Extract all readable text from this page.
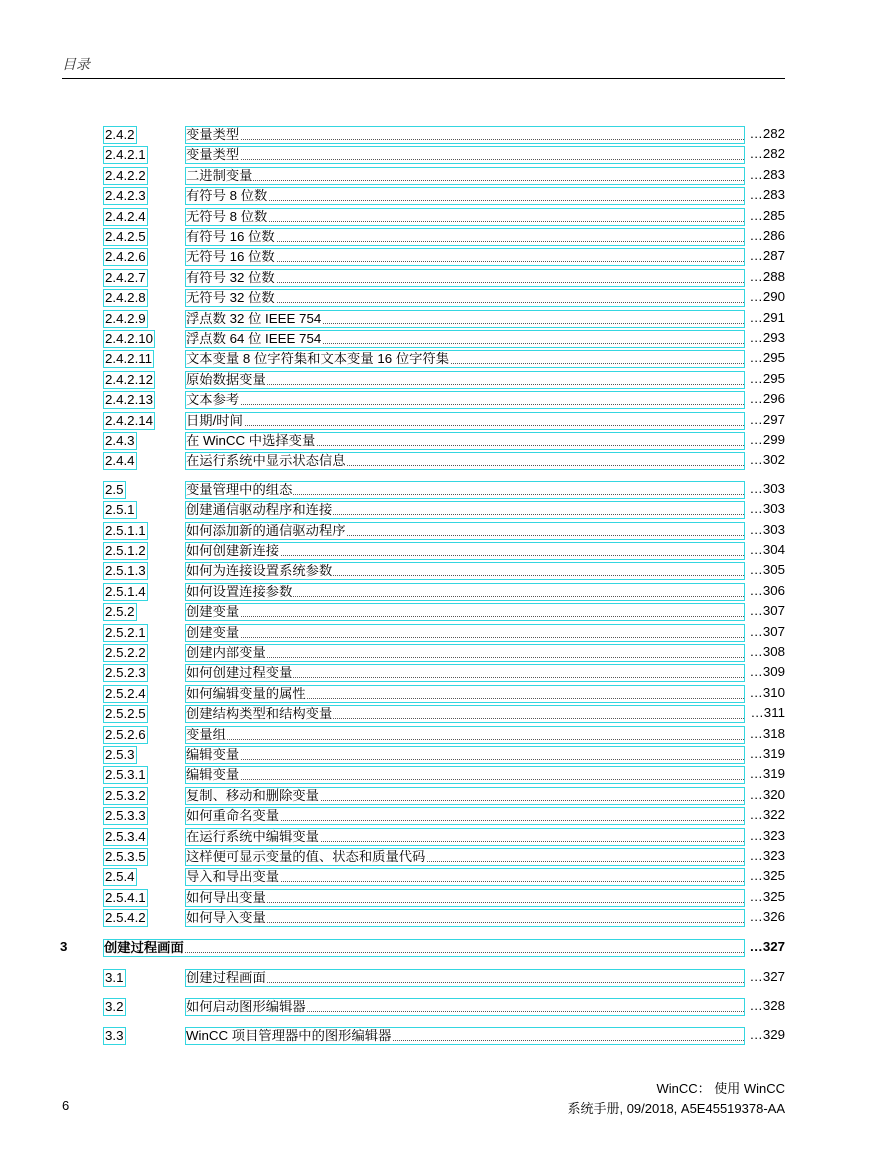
目录
2.4.2	变量类型	…282
2.4.2.1	变量类型	…282
2.4.2.2	二进制变量	…283
2.4.2.3	有符号 8 位数	…283
2.4.2.4	无符号 8 位数	…285
2.4.2.5	有符号 16 位数	…286
2.4.2.6	无符号 16 位数	…287
2.4.2.7	有符号 32 位数	…288
2.4.2.8	无符号 32 位数	…290
2.4.2.9	浮点数 32 位 IEEE 754	…291
2.4.2.10 浮点数 64 位 IEEE 754	…293
2.4.2.11	文本变量 8 位字符集和文本变量 16 位字符集	…295
2.4.2.12 原始数据变量	…295
2.4.2.13 文本参考	…296
2.4.2.14 日期/时间	…297
2.4.3	在 WinCC 中选择变量	…299
2.4.4	在运行系统中显示状态信息	…302
2.5	变量管理中的组态	…303
2.5.1	创建通信驱动程序和连接	…303
2.5.1.1	如何添加新的通信驱动程序	…303
2.5.1.2	如何创建新连接	…304
2.5.1.3	如何为连接设置系统参数	…305
2.5.1.4	如何设置连接参数	…306
2.5.2	创建变量	…307
2.5.2.1	创建变量	…307
2.5.2.2	创建内部变量	…308
2.5.2.3	如何创建过程变量	…309
2.5.2.4	如何编辑变量的属性	…310
2.5.2.5	创建结构类型和结构变量	…311
2.5.2.6	变量组	…318
2.5.3	编辑变量	…319
2.5.3.1	编辑变量	…319
2.5.3.2	复制、移动和删除变量	…320
2.5.3.3	如何重命名变量	…322
2.5.3.4	在运行系统中编辑变量	…323
2.5.3.5	这样便可显示变量的值、状态和质量代码	…323
2.5.4	导入和导出变量	…325
2.5.4.1	如何导出变量	…325
2.5.4.2	如何导入变量	…326
3	创建过程画面	…327
3.1	创建过程画面	…327
3.2	如何启动图形编辑器	…328
3.3	WinCC 项目管理器中的图形编辑器	…329
WinCC： 使用 WinCC
系统手册, 09/2018, A5E45519378-AA
6
